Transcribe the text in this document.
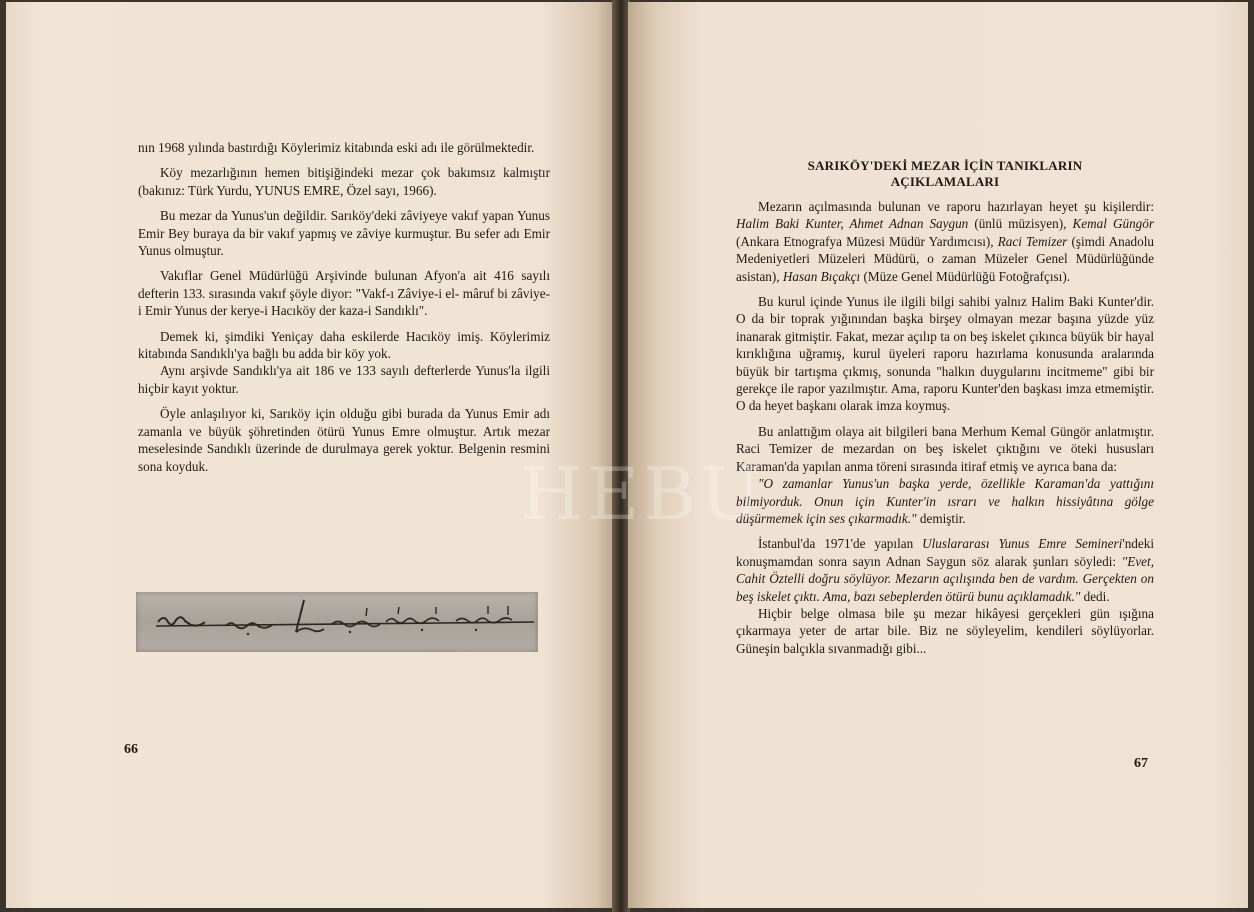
nın 1968 yılında bastırdığı Köylerimiz kitabında eski adı ile görülmektedir.

Köy mezarlığının hemen bitişiğindeki mezar çok bakımsız kalmıştır (bakınız: Türk Yurdu, YUNUS EMRE, Özel sayı, 1966).

Bu mezar da Yunus'un değildir. Sarıköy'deki zâviyeye vakıf yapan Yunus Emir Bey buraya da bir vakıf yapmış ve zâviye kurmuştur. Bu sefer adı Emir Yunus olmuştur.

Vakıflar Genel Müdürlüğü Arşivinde bulunan Afyon'a ait 416 sayılı defterin 133. sırasında vakıf şöyle diyor: "Vakf-ı Zâviye-i el- mâruf bi zâviye-i Emir Yunus der kerye-i Hacıköy der kaza-i Sandıklı".

Demek ki, şimdiki Yeniçay daha eskilerde Hacıköy imiş. Köylerimiz kitabında Sandıklı'ya bağlı bu adda bir köy yok.

Aynı arşivde Sandıklı'ya ait 186 ve 133 sayılı defterlerde Yunus'la ilgili hiçbir kayıt yoktur.

Öyle anlaşılıyor ki, Sarıköy için olduğu gibi burada da Yunus Emir adı zamanla ve büyük şöhretinden ötürü Yunus Emre olmuştur. Artık mezar meselesinde Sandıklı üzerinde de durulmaya gerek yoktur. Belgenin resmini sona koyduk.

66
SARIKÖY'DEKİ MEZAR İÇİN TANIKLARIN
AÇIKLAMALARI

Mezarın açılmasında bulunan ve raporu hazırlayan heyet şu kişilerdir: Halim Baki Kunter, Ahmet Adnan Saygun (ünlü müzisyen), Kemal Güngör (Ankara Etnografya Müzesi Müdür Yardımcısı), Raci Temizer (şimdi Anadolu Medeniyetleri Müzeleri Müdürü, o zaman Müzeler Genel Müdürlüğünde asistan), Hasan Bıçakçı (Müze Genel Müdürlüğü Fotoğrafçısı).

Bu kurul içinde Yunus ile ilgili bilgi sahibi yalnız Halim Baki Kunter'dir. O da bir toprak yığınından başka birşey olmayan mezar başına yüzde yüz inanarak gitmiştir. Fakat, mezar açılıp ta on beş iskelet çıkınca büyük bir hayal kırıklığına uğramış, kurul üyeleri raporu hazırlama konusunda aralarında büyük bir tartışma çıkmış, sonunda "halkın duygularını incitmeme" gibi bir gerekçe ile rapor yazılmıştır. Ama, raporu Kunter'den başkası imza etmemiştir. O da heyet başkanı olarak imza koymuş.

Bu anlattığım olaya ait bilgileri bana Merhum Kemal Güngör anlatmıştır. Raci Temizer de mezardan on beş iskelet çıktığını ve öteki hususları Karaman'da yapılan anma töreni sırasında itiraf etmiş ve ayrıca bana da:

"O zamanlar Yunus'un başka yerde, özellikle Karaman'da yattığını bilmiyorduk. Onun için Kunter'in ısrarı ve halkın hissiyâtına gölge düşürmemek için ses çıkarmadık." demiştir.

İstanbul'da 1971'de yapılan Uluslararası Yunus Emre Semineri'ndeki konuşmamdan sonra sayın Adnan Saygun söz alarak şunları söyledi: "Evet, Cahit Öztelli doğru söylüyor. Mezarın açılışında ben de vardım. Gerçekten on beş iskelet çıktı. Ama, bazı sebeplerden ötürü bunu açıklamadık." dedi.

Hiçbir belge olmasa bile şu mezar hikâyesi gerçekleri gün ışığına çıkarmaya yeter de artar bile. Biz ne söyleyelim, kendileri söylüyorlar. Güneşin balçıkla sıvanmadığı gibi...

67
HEBU
